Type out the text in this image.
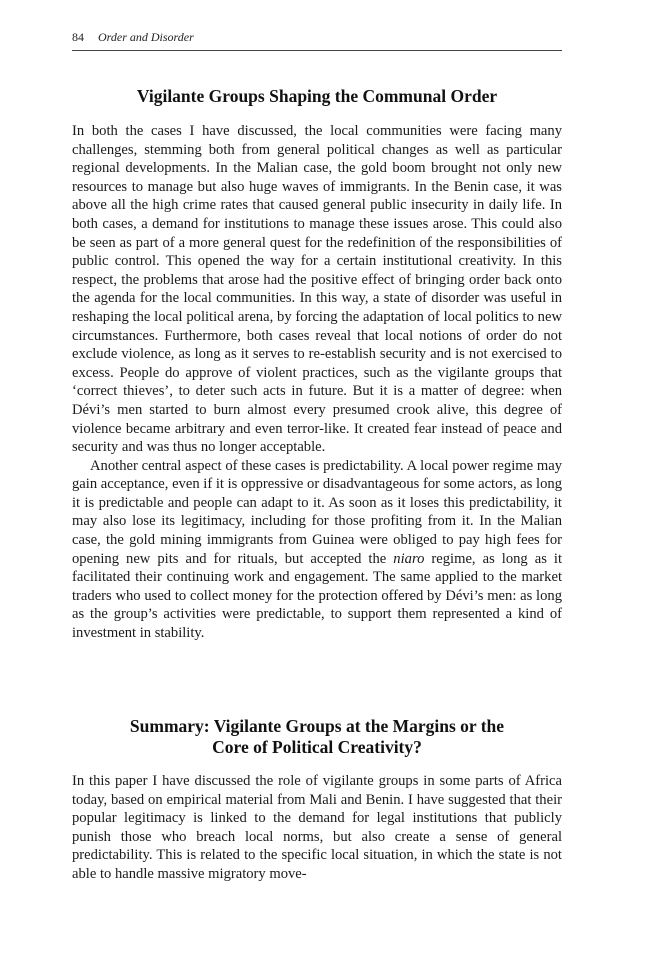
84 Order and Disorder
Vigilante Groups Shaping the Communal Order

In both the cases I have discussed, the local communities were facing many challenges, stemming both from general political changes as well as particular regional developments. In the Malian case, the gold boom brought not only new resources to manage but also huge waves of immigrants. In the Benin case, it was above all the high crime rates that caused general public insecurity in daily life. In both cases, a demand for institutions to manage these issues arose. This could also be seen as part of a more general quest for the redefinition of the responsibilities of public control. This opened the way for a certain institutional creativity. In this respect, the problems that arose had the positive effect of bringing order back onto the agenda for the local communities. In this way, a state of disorder was useful in reshaping the local political arena, by forcing the adaptation of local politics to new circumstances. Furthermore, both cases reveal that local notions of order do not exclude violence, as long as it serves to re-establish security and is not exercised to excess. People do approve of violent practices, such as the vigilante groups that ‘correct thieves’, to deter such acts in future. But it is a matter of degree: when Dévi’s men started to burn almost every presumed crook alive, this degree of violence became arbitrary and even terror-like. It created fear instead of peace and security and was thus no longer acceptable.

Another central aspect of these cases is predictability. A local power regime may gain acceptance, even if it is oppressive or disadvantageous for some actors, as long it is predictable and people can adapt to it. As soon as it loses this predictability, it may also lose its legitimacy, including for those profiting from it. In the Malian case, the gold mining immigrants from Guinea were obliged to pay high fees for opening new pits and for rituals, but accepted the niaro regime, as long as it facilitated their continuing work and engagement. The same applied to the market traders who used to collect money for the protection offered by Dévi’s men: as long as the group’s activities were predictable, to support them represented a kind of investment in stability.

Summary: Vigilante Groups at the Margins or the
Core of Political Creativity?

In this paper I have discussed the role of vigilante groups in some parts of Africa today, based on empirical material from Mali and Benin. I have suggested that their popular legitimacy is linked to the demand for legal institutions that publicly punish those who breach local norms, but also create a sense of general predictability. This is related to the specific local situation, in which the state is not able to handle massive migratory move-
